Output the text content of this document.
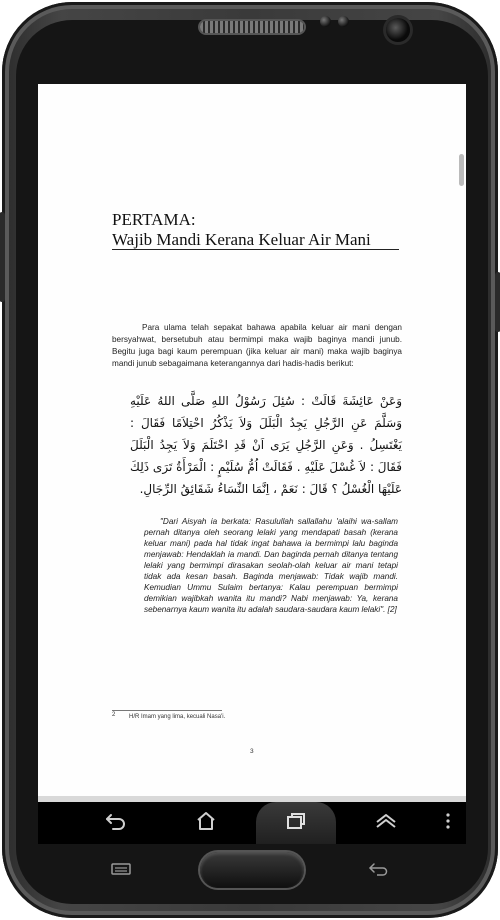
PERTAMA:
Wajib Mandi Kerana Keluar Air Mani
Para ulama telah sepakat bahawa apabila keluar air mani dengan bersyahwat, bersetubuh atau bermimpi maka wajib baginya mandi junub. Begitu juga bagi kaum perempuan (jika keluar air mani) maka wajib baginya mandi junub sebagaimana keterangannya dari hadis-hadis berikut:
وَعَنْ عَائِشَةَ قَالَتْ : سُئِلَ رَسُوْلُ اللهِ صَلَّى اللهُ عَلَيْهِ وَسَلَّمَ عَنِ الرَّجُلِ يَجِدُ الْبَلَلَ وَلاَ يَذْكُرُ احْتِلاَمًا فَقَالَ : يَغْتَسِلُ . وَعَنِ الرَّجُلِ يَرَى اَنْ قَدِ احْتَلَمَ وَلاَ يَجِدُ الْبَلَلَ فَقَالَ : لاَ غُسْلَ عَلَيْهِ . فَقَالَتْ اُمُّ سُلَيْمٍ : الْمَرْأَةُ تَرَى ذَلِكَ عَلَيْهَا الْغُسْلُ ؟ قَالَ : نَعَمْ ، اِنَّمَا النِّسَاءُ شَقَائِقُ الرِّجَالِ.
"Dari Aisyah ia berkata: Rasulullah sallallahu 'alaihi wa-sallam pernah ditanya oleh seorang lelaki yang mendapati basah (kerana keluar mani) pada hal tidak ingat bahawa ia bermimpi lalu baginda menjawab: Hendaklah ia mandi. Dan baginda pernah ditanya tentang lelaki yang bermimpi dirasakan seolah-olah keluar air mani tetapi tidak ada kesan basah. Baginda menjawab: Tidak wajib mandi. Kemudian Ummu Sulaim bertanya: Kalau perempuan bermimpi demikian wajibkah wanita itu mandi? Nabi menjawab: Ya, kerana sebenarnya kaum wanita itu adalah saudara-saudara kaum lelaki". [2]
2 H/R Imam yang lima, kecuali Nasa'i.
3
